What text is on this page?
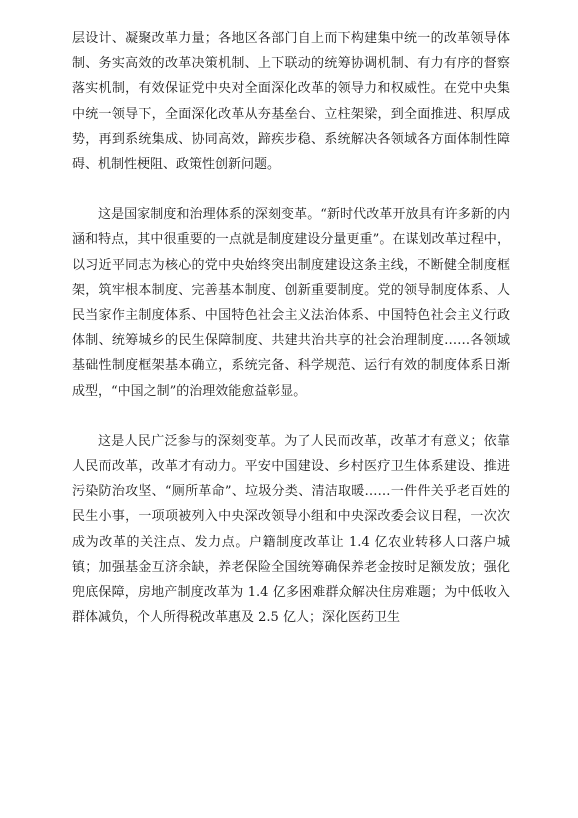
层设计、凝聚改革力量；各地区各部门自上而下构建集中统一的改革领导体制、务实高效的改革决策机制、上下联动的统筹协调机制、有力有序的督察落实机制，有效保证党中央对全面深化改革的领导力和权威性。在党中央集中统一领导下，全面深化改革从夯基垒台、立柱架梁，到全面推进、积厚成势，再到系统集成、协同高效，蹄疾步稳、系统解决各领域各方面体制性障碍、机制性梗阻、政策性创新问题。

这是国家制度和治理体系的深刻变革。“新时代改革开放具有许多新的内涵和特点，其中很重要的一点就是制度建设分量更重”。在谋划改革过程中，以习近平同志为核心的党中央始终突出制度建设这条主线，不断健全制度框架，筑牢根本制度、完善基本制度、创新重要制度。党的领导制度体系、人民当家作主制度体系、中国特色社会主义法治体系、中国特色社会主义行政体制、统筹城乡的民生保障制度、共建共治共享的社会治理制度……各领域基础性制度框架基本确立，系统完备、科学规范、运行有效的制度体系日渐成型，“中国之制”的治理效能愈益彰显。

这是人民广泛参与的深刻变革。为了人民而改革，改革才有意义；依靠人民而改革，改革才有动力。平安中国建设、乡村医疗卫生体系建设、推进污染防治攻坚、“厕所革命”、垃圾分类、清洁取暖……一件件关乎老百姓的民生小事，一项项被列入中央深改领导小组和中央深改委会议日程，一次次成为改革的关注点、发力点。户籍制度改革让 1.4 亿农业转移人口落户城镇；加强基金互济余缺，养老保险全国统筹确保养老金按时足额发放；强化兜底保障，房地产制度改革为 1.4 亿多困难群众解决住房难题；为中低收入群体减负，个人所得税改革惠及 2.5 亿人；深化医药卫生
